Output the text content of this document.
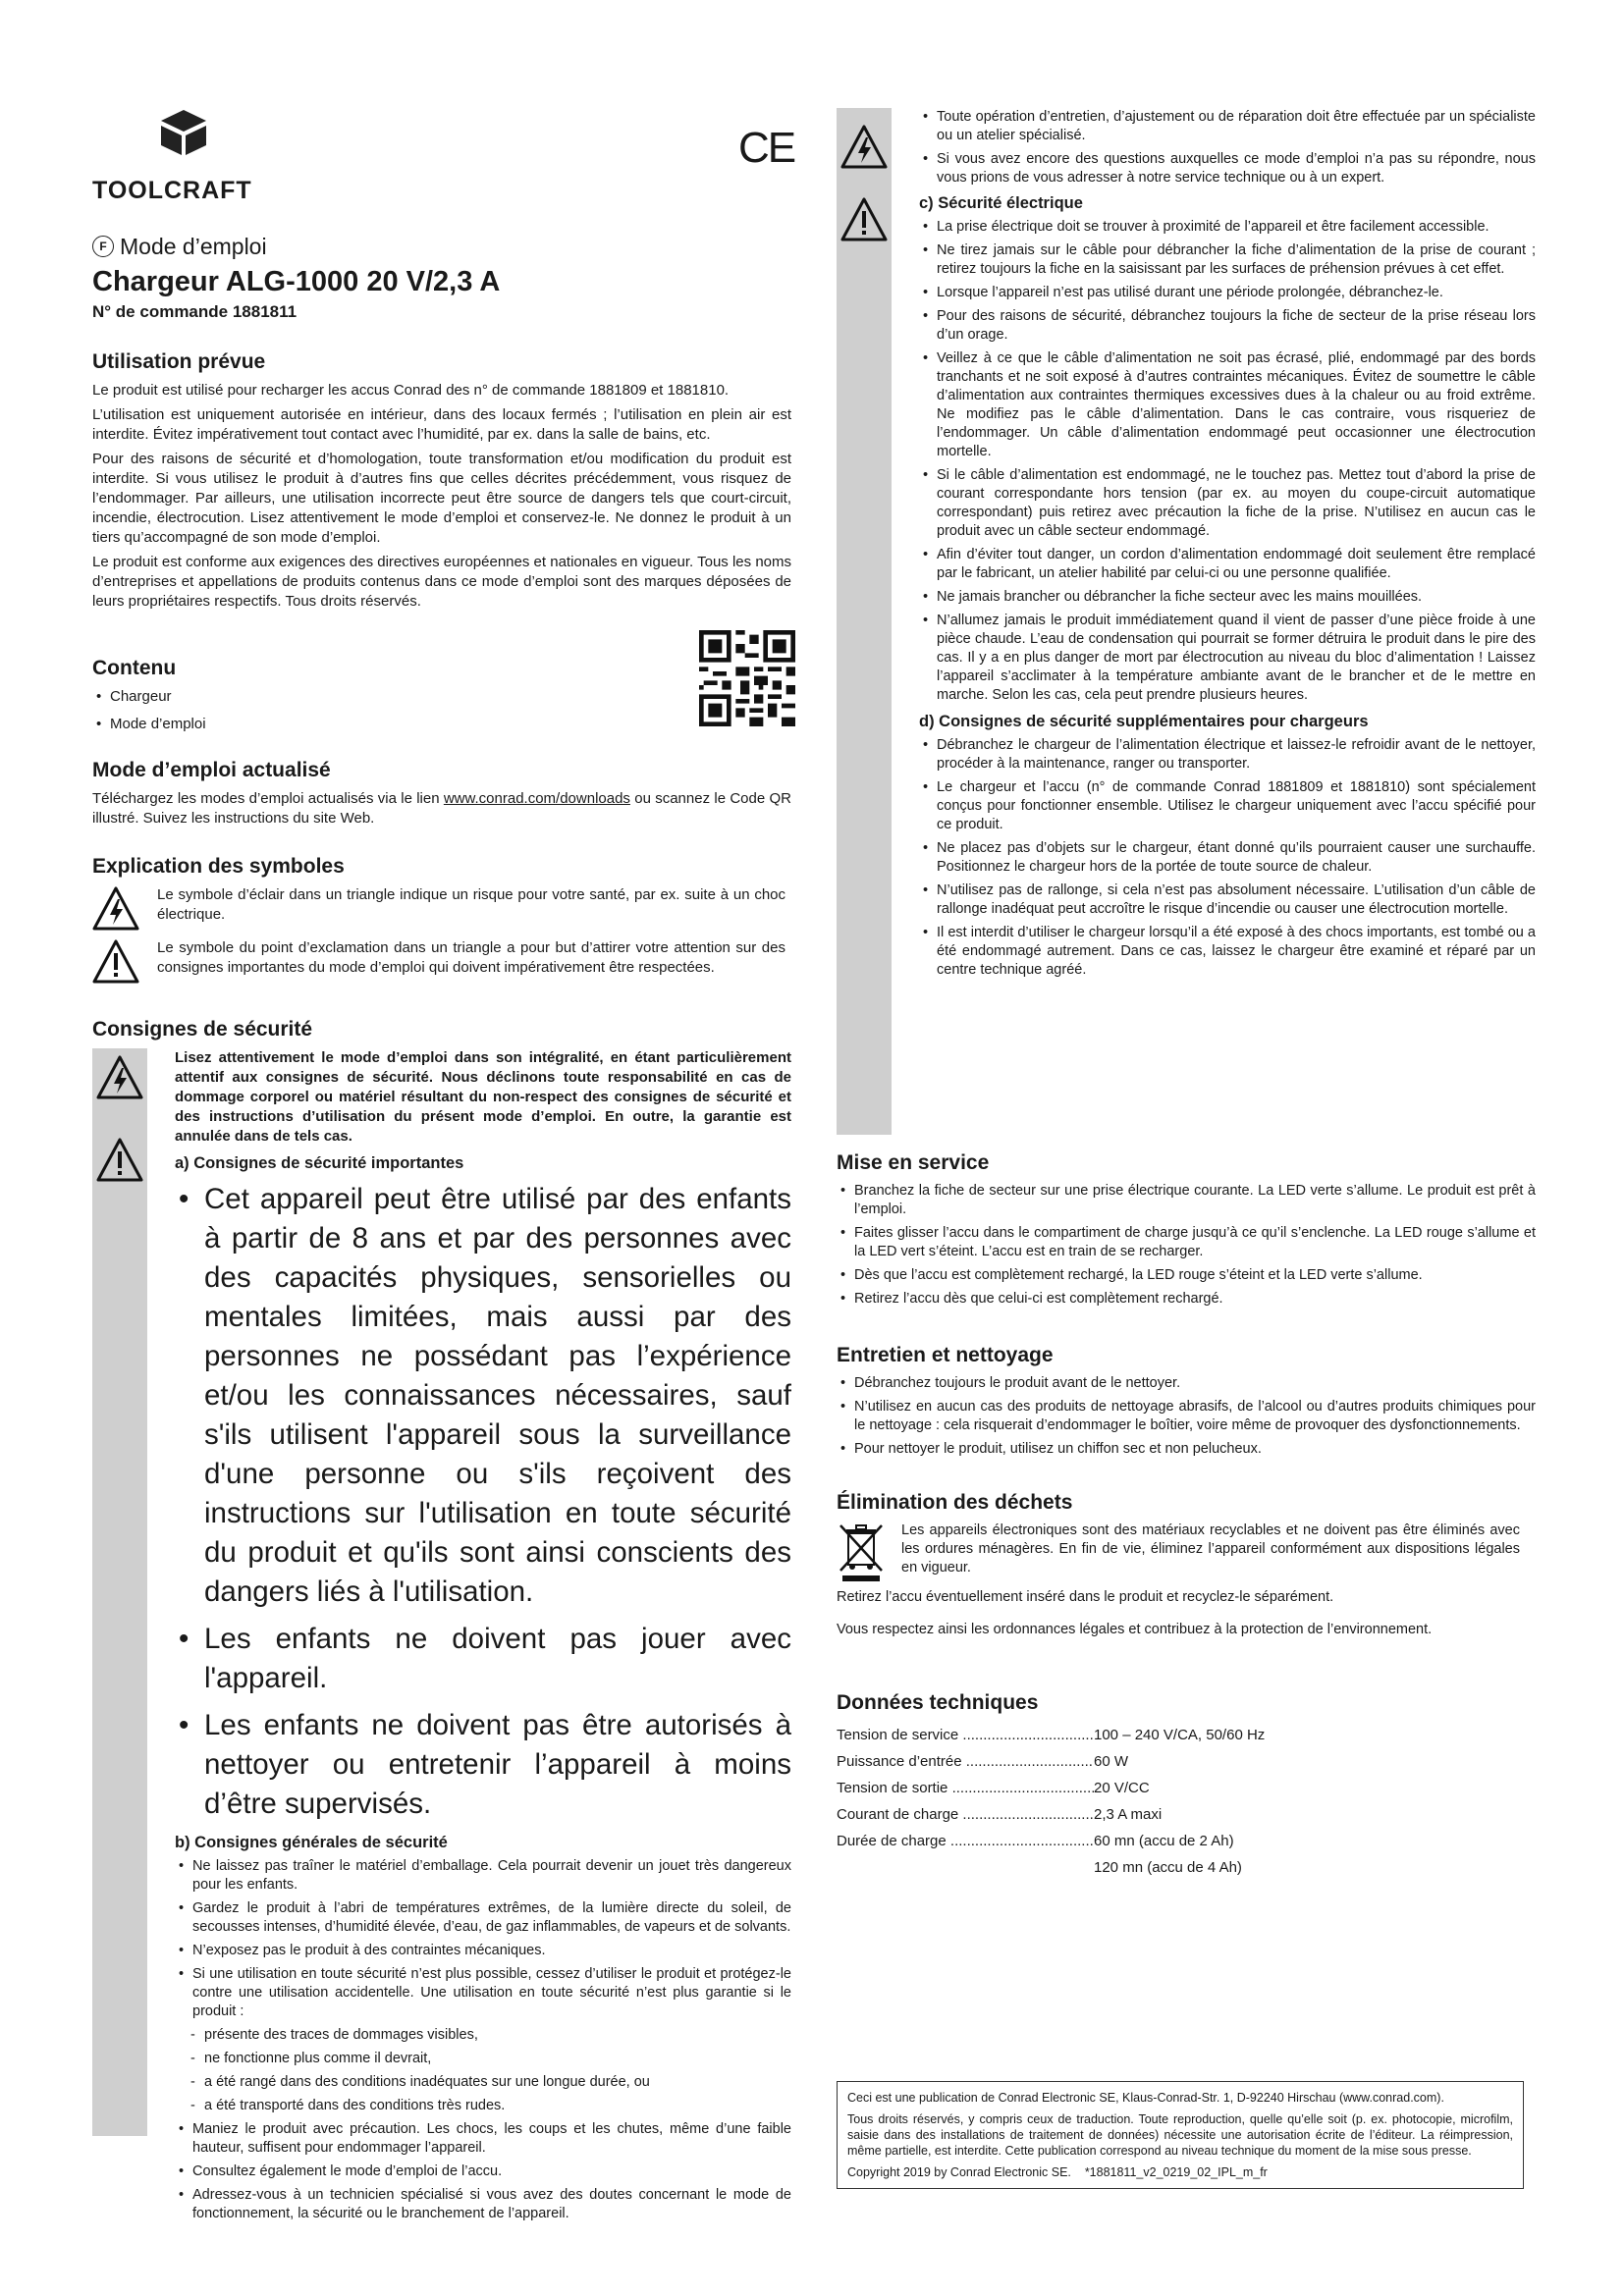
TOOLCRAFT
F Mode d’emploi
Chargeur ALG-1000 20 V/2,3 A
N° de commande 1881811
Utilisation prévue

Le produit est utilisé pour recharger les accus Conrad des n° de commande 1881809 et 1881810.

L’utilisation est uniquement autorisée en intérieur, dans des locaux fermés ; l’utilisation en plein air est interdite. Évitez impérativement tout contact avec l’humidité, par ex. dans la salle de bains, etc.

Pour des raisons de sécurité et d’homologation, toute transformation et/ou modification du produit est interdite. Si vous utilisez le produit à d’autres fins que celles décrites précédemment, vous risquez de l’endommager. Par ailleurs, une utilisation incorrecte peut être source de dangers tels que court-circuit, incendie, électrocution. Lisez attentivement le mode d’emploi et conservez-le. Ne donnez le produit à un tiers qu’accompagné de son mode d’emploi.

Le produit est conforme aux exigences des directives européennes et nationales en vigueur. Tous les noms d’entreprises et appellations de produits contenus dans ce mode d’emploi sont des marques déposées de leurs propriétaires respectifs. Tous droits réservés.

Contenu
• Chargeur
• Mode d’emploi
Mode d’emploi actualisé

Téléchargez les modes d’emploi actualisés via le lien www.conrad.com/downloads ou scannez le Code QR illustré. Suivez les instructions du site Web.

Explication des symboles

Le symbole d’éclair dans un triangle indique un risque pour votre santé, par ex. suite à un choc électrique.

Le symbole du point d’exclamation dans un triangle a pour but d’attirer votre attention sur des consignes importantes du mode d’emploi qui doivent impérativement être respectées.

Consignes de sécurité

Lisez attentivement le mode d’emploi dans son intégralité, en étant particulièrement attentif aux consignes de sécurité. Nous déclinons toute responsabilité en cas de dommage corporel ou matériel résultant du non-respect des consignes de sécurité et des instructions d’utilisation du présent mode d’emploi. En outre, la garantie est annulée dans de tels cas.

a) Consignes de sécurité importantes
• Cet appareil peut être utilisé par des enfants à partir de 8 ans et par des personnes avec des capacités physiques, sensorielles ou mentales limitées, mais aussi par des personnes ne possédant pas l’expérience et/ou les connaissances nécessaires, sauf s'ils utilisent l'appareil sous la surveillance d'une personne ou s'ils reçoivent des instructions sur l'utilisation en toute sécurité du produit et qu'ils sont ainsi conscients des dangers liés à l'utilisation.
• Les enfants ne doivent pas jouer avec l'appareil.
• Les enfants ne doivent pas être autorisés à nettoyer ou entretenir l’appareil à moins d’être supervisés.
b) Consignes générales de sécurité
• Ne laissez pas traîner le matériel d’emballage. Cela pourrait devenir un jouet très dangereux pour les enfants.
• Gardez le produit à l’abri de températures extrêmes, de la lumière directe du soleil, de secousses intenses, d’humidité élevée, d’eau, de gaz inflammables, de vapeurs et de solvants.
• N’exposez pas le produit à des contraintes mécaniques.
• Si une utilisation en toute sécurité n’est plus possible, cessez d’utiliser le produit et protégez-le contre une utilisation accidentelle. Une utilisation en toute sécurité n’est plus garantie si le produit :
- présente des traces de dommages visibles,
- ne fonctionne plus comme il devrait,
- a été rangé dans des conditions inadéquates sur une longue durée, ou
- a été transporté dans des conditions très rudes.
• Maniez le produit avec précaution. Les chocs, les coups et les chutes, même d’une faible hauteur, suffisent pour endommager l’appareil.
• Consultez également le mode d’emploi de l’accu.
• Adressez-vous à un technicien spécialisé si vous avez des doutes concernant le mode de fonctionnement, la sécurité ou le branchement de l’appareil.
CE
• Toute opération d’entretien, d’ajustement ou de réparation doit être effectuée par un spécialiste ou un atelier spécialisé.
• Si vous avez encore des questions auxquelles ce mode d’emploi n’a pas su répondre, nous vous prions de vous adresser à notre service technique ou à un expert.
c) Sécurité électrique
• La prise électrique doit se trouver à proximité de l’appareil et être facilement accessible.
• Ne tirez jamais sur le câble pour débrancher la fiche d’alimentation de la prise de courant ; retirez toujours la fiche en la saisissant par les surfaces de préhension prévues à cet effet.
• Lorsque l’appareil n’est pas utilisé durant une période prolongée, débranchez-le.
• Pour des raisons de sécurité, débranchez toujours la fiche de secteur de la prise réseau lors d’un orage.
• Veillez à ce que le câble d’alimentation ne soit pas écrasé, plié, endommagé par des bords tranchants et ne soit exposé à d’autres contraintes mécaniques. Évitez de soumettre le câble d’alimentation aux contraintes thermiques excessives dues à la chaleur ou au froid extrême. Ne modifiez pas le câble d’alimentation. Dans le cas contraire, vous risqueriez de l’endommager. Un câble d’alimentation endommagé peut occasionner une électrocution mortelle.
• Si le câble d’alimentation est endommagé, ne le touchez pas. Mettez tout d’abord la prise de courant correspondante hors tension (par ex. au moyen du coupe-circuit automatique correspondant) puis retirez avec précaution la fiche de la prise. N’utilisez en aucun cas le produit avec un câble secteur endommagé.
• Afin d’éviter tout danger, un cordon d’alimentation endommagé doit seulement être remplacé par le fabricant, un atelier habilité par celui-ci ou une personne qualifiée.
• Ne jamais brancher ou débrancher la fiche secteur avec les mains mouillées.
• N’allumez jamais le produit immédiatement quand il vient de passer d’une pièce froide à une pièce chaude. L’eau de condensation qui pourrait se former détruira le produit dans le pire des cas. Il y a en plus danger de mort par électrocution au niveau du bloc d’alimentation ! Laissez l’appareil s’acclimater à la température ambiante avant de le brancher et de le mettre en marche. Selon les cas, cela peut prendre plusieurs heures.
d) Consignes de sécurité supplémentaires pour chargeurs
• Débranchez le chargeur de l’alimentation électrique et laissez-le refroidir avant de le nettoyer, procéder à la maintenance, ranger ou transporter.
• Le chargeur et l’accu (n° de commande Conrad 1881809 et 1881810) sont spécialement conçus pour fonctionner ensemble. Utilisez le chargeur uniquement avec l’accu spécifié pour ce produit.
• Ne placez pas d’objets sur le chargeur, étant donné qu’ils pourraient causer une surchauffe. Positionnez le chargeur hors de la portée de toute source de chaleur.
• N’utilisez pas de rallonge, si cela n’est pas absolument nécessaire. L’utilisation d’un câble de rallonge inadéquat peut accroître le risque d’incendie ou causer une électrocution mortelle.
• Il est interdit d’utiliser le chargeur lorsqu’il a été exposé à des chocs importants, est tombé ou a été endommagé autrement. Dans ce cas, laissez le chargeur être examiné et réparé par un centre technique agréé.
Mise en service
• Branchez la fiche de secteur sur une prise électrique courante. La LED verte s’allume. Le produit est prêt à l’emploi.
• Faites glisser l’accu dans le compartiment de charge jusqu’à ce qu’il s’enclenche. La LED rouge s’allume et la LED vert s’éteint. L’accu est en train de se recharger.
• Dès que l’accu est complètement rechargé, la LED rouge s’éteint et la LED verte s’allume.
• Retirez l’accu dès que celui-ci est complètement rechargé.
Entretien et nettoyage
• Débranchez toujours le produit avant de le nettoyer.
• N’utilisez en aucun cas des produits de nettoyage abrasifs, de l’alcool ou d’autres produits chimiques pour le nettoyage : cela risquerait d’endommager le boîtier, voire même de provoquer des dysfonctionnements.
• Pour nettoyer le produit, utilisez un chiffon sec et non pelucheux.
Élimination des déchets

Les appareils électroniques sont des matériaux recyclables et ne doivent pas être éliminés avec les ordures ménagères. En fin de vie, éliminez l’appareil conformément aux dispositions légales en vigueur.

Retirez l’accu éventuellement inséré dans le produit et recyclez-le séparément.

Vous respectez ainsi les ordonnances légales et contribuez à la protection de l’environnement.

Données techniques
Tension de service .....	100 – 240 V/CA, 50/60 Hz
Puissance d’entrée .....	60 W
Tension de sortie .....	20 V/CC
Courant de charge .....	2,3 A maxi
Durée de charge .....	60 mn (accu de 2 Ah)
120 mn (accu de 4 Ah)

Ceci est une publication de Conrad Electronic SE, Klaus-Conrad-Str. 1, D-92240 Hirschau (www.conrad.com).

Tous droits réservés, y compris ceux de traduction. Toute reproduction, quelle qu’elle soit (p. ex. photocopie, microfilm, saisie dans des installations de traitement de données) nécessite une autorisation écrite de l’éditeur. La réimpression, même partielle, est interdite. Cette publication correspond au niveau technique du moment de la mise sous presse.

Copyright 2019 by Conrad Electronic SE. *1881811_v2_0219_02_IPL_m_fr
